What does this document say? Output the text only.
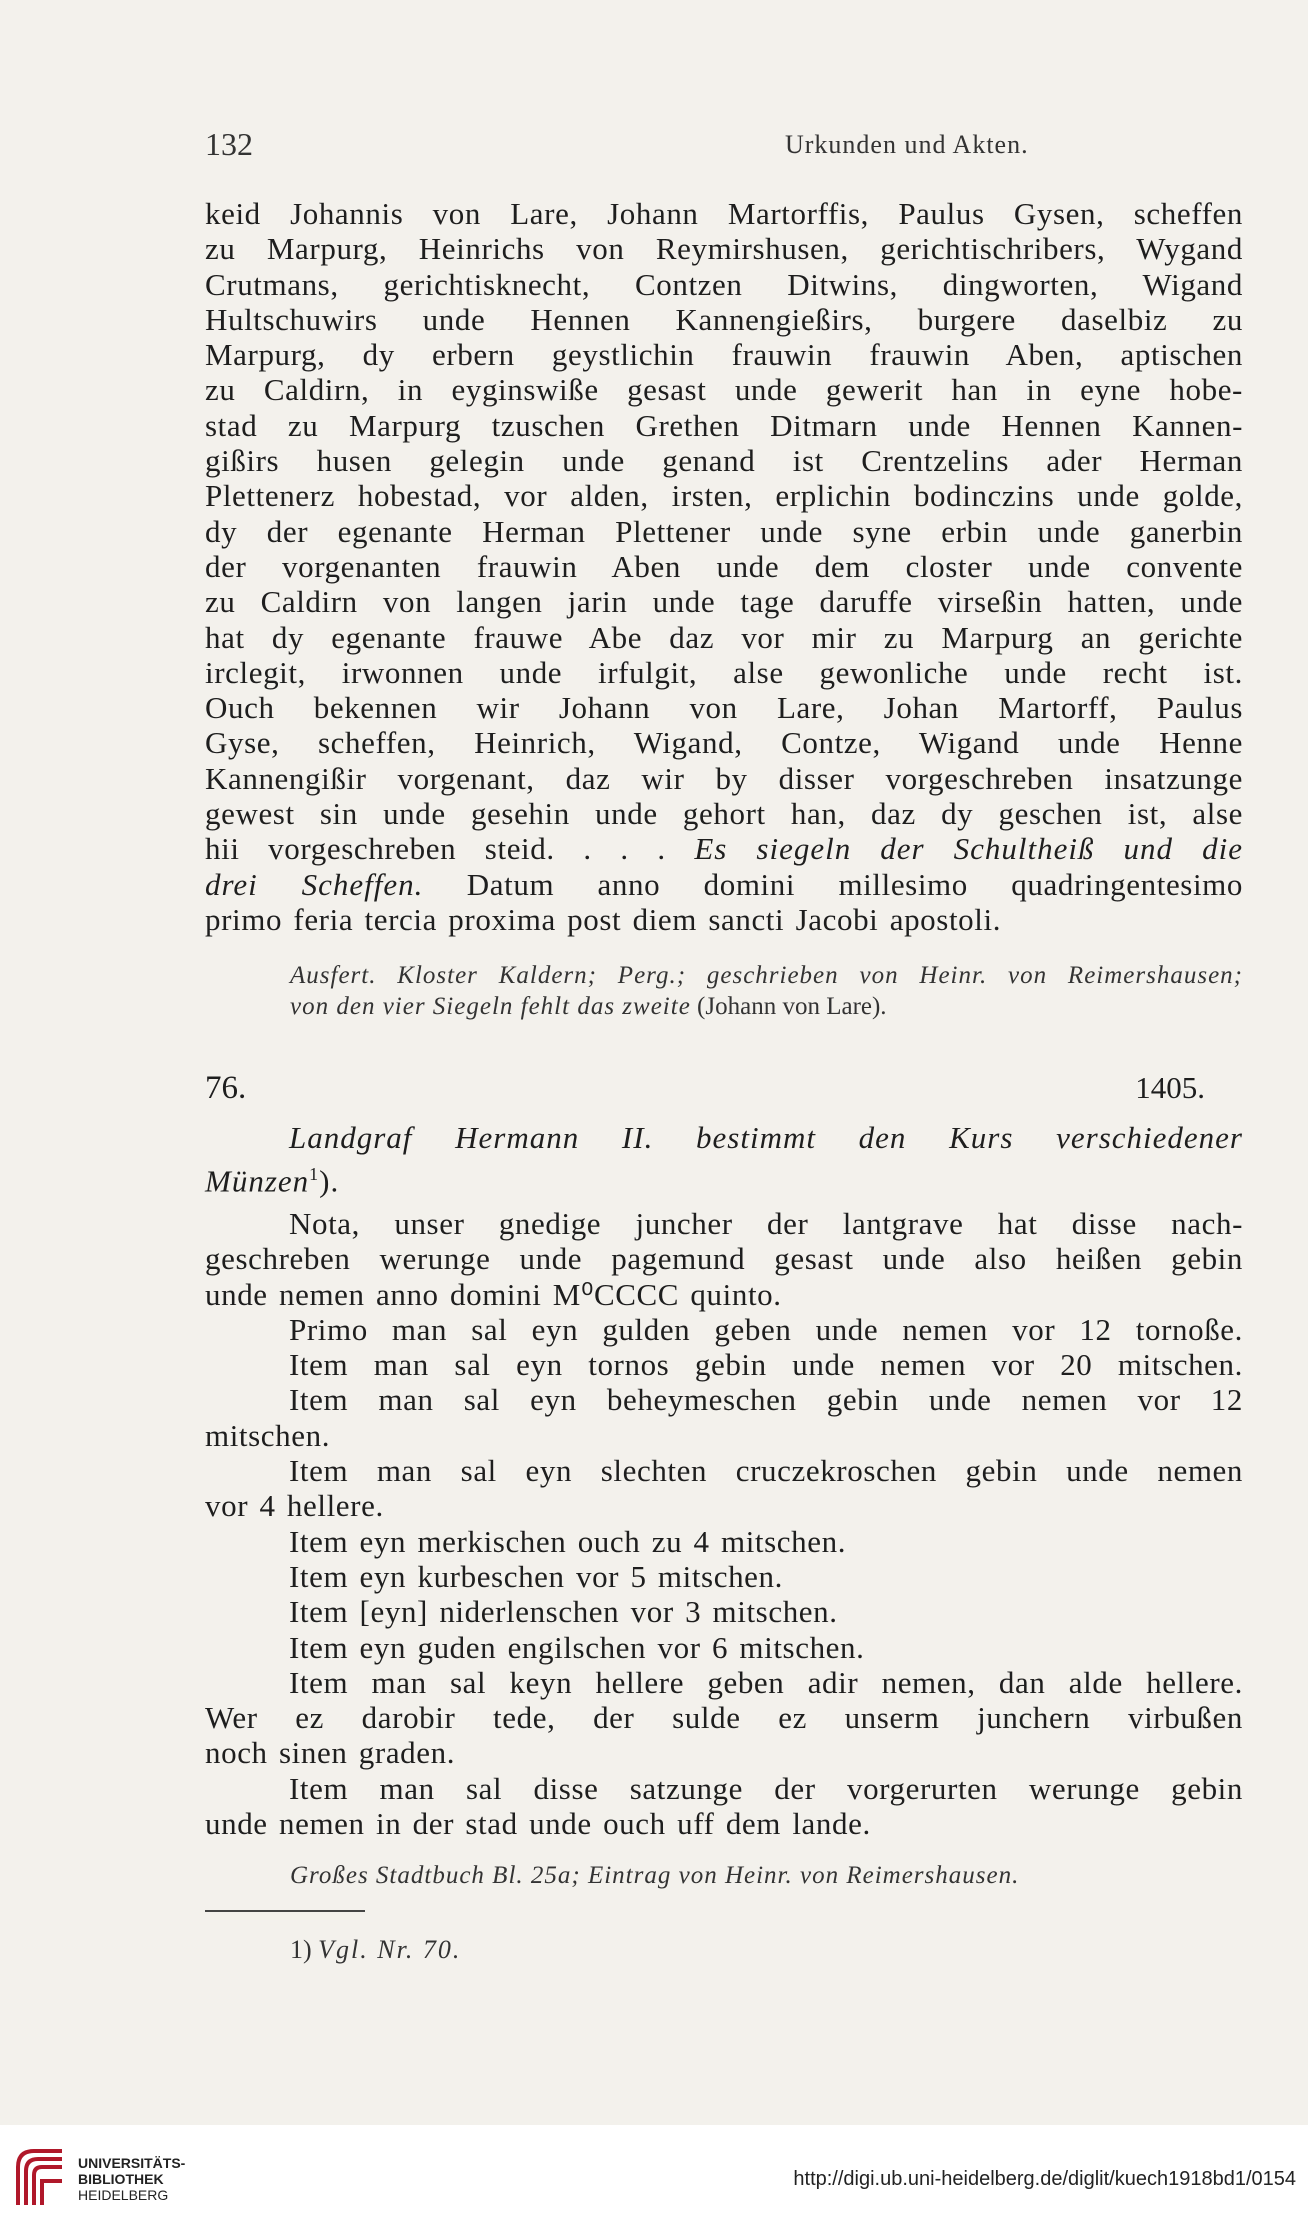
132	Urkunden und Akten.
keid Johannis von Lare, Johann Martorffis, Paulus Gysen, scheffen
zu Marpurg, Heinrichs von Reymirshusen, gerichtischribers, Wygand
Crutmans, gerichtisknecht, Contzen Ditwins, dingworten, Wigand
Hultschuwirs unde Hennen Kannengießirs, burgere daselbiz zu
Marpurg, dy erbern geystlichin frauwin frauwin Aben, aptischen
zu Caldirn, in eyginswiße gesast unde gewerit han in eyne hobe-
stad zu Marpurg tzuschen Grethen Ditmarn unde Hennen Kannen-
gißirs husen gelegin unde genand ist Crentzelins ader Herman
Plettenerz hobestad, vor alden, irsten, erplichin bodinczins unde golde,
dy der egenante Herman Plettener unde syne erbin unde ganerbin
der vorgenanten frauwin Aben unde dem closter unde convente
zu Caldirn von langen jarin unde tage daruffe virseßin hatten, unde
hat dy egenante frauwe Abe daz vor mir zu Marpurg an gerichte
irclegit, irwonnen unde irfulgit, alse gewonliche unde recht ist.
Ouch bekennen wir Johann von Lare, Johan Martorff, Paulus
Gyse, scheffen, Heinrich, Wigand, Contze, Wigand unde Henne
Kannengißir vorgenant, daz wir by disser vorgeschreben insatzunge
gewest sin unde gesehin unde gehort han, daz dy geschen ist, alse
hii vorgeschreben steid. . . . Es siegeln der Schultheiß und die
drei Scheffen. Datum anno domini millesimo quadringentesimo
primo feria tercia proxima post diem sancti Jacobi apostoli.
Ausfert. Kloster Kaldern; Perg.; geschrieben von Heinr. von Reimershausen;
von den vier Siegeln fehlt das zweite (Johann von Lare).
76.	1405.
Landgraf Hermann II. bestimmt den Kurs verschiedener
Münzen$^1$).
Nota, unser gnedige juncher der lantgrave hat disse nach-
geschreben werunge unde pagemund gesast unde also heißen gebin
unde nemen anno domini M⁰CCCC quinto.
Primo man sal eyn gulden geben unde nemen vor 12 tornoße.
Item man sal eyn tornos gebin unde nemen vor 20 mitschen.
Item man sal eyn beheymeschen gebin unde nemen vor 12
mitschen.
Item man sal eyn slechten cruczekroschen gebin unde nemen
vor 4 hellere.
Item eyn merkischen ouch zu 4 mitschen.
Item eyn kurbeschen vor 5 mitschen.
Item [eyn] niderlenschen vor 3 mitschen.
Item eyn guden engilschen vor 6 mitschen.
Item man sal keyn hellere geben adir nemen, dan alde hellere.
Wer ez darobir tede, der sulde ez unserm junchern virbußen
noch sinen graden.
Item man sal disse satzunge der vorgerurten werunge gebin
unde nemen in der stad unde ouch uff dem lande.
Großes Stadtbuch Bl. 25a; Eintrag von Heinr. von Reimershausen.
1) Vgl. Nr. 70.
UNIVERSITÄTS-
BIBLIOTHEK
HEIDELBERG
http://digi.ub.uni-heidelberg.de/diglit/kuech1918bd1/0154
